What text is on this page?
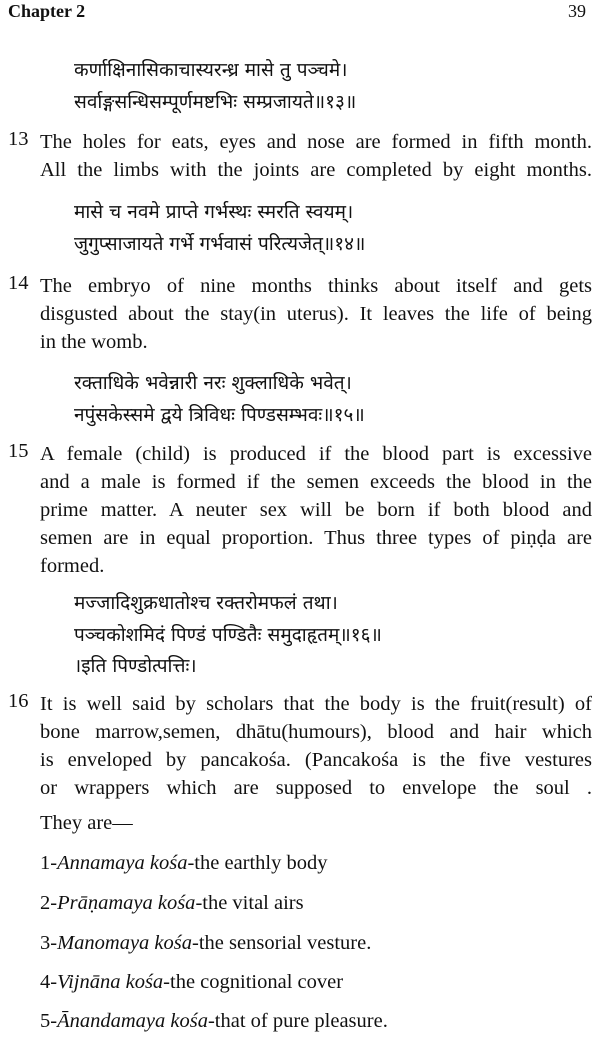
Chapter 2	39
कर्णाक्षिनासिकाचास्यरन्ध्र मासे तु पञ्चमे।
सर्वाङ्गसन्धिसम्पूर्णमष्टभिः सम्प्रजायते॥१३॥
13 The holes for eats, eyes and nose are formed in fifth month.
All the limbs with the joints are completed by eight months.
मासे च नवमे प्राप्ते गर्भस्थः स्मरति स्वयम्।
जुगुप्साजायते गर्भे गर्भवासं परित्यजेत्॥१४॥
14 The embryo of nine months thinks about itself and gets
disgusted about the stay(in uterus). It leaves the life of being
in the womb.
रक्ताधिके भवेन्नारी नरः शुक्लाधिके भवेत्।
नपुंसकेस्समे द्वये त्रिविधः पिण्डसम्भवः॥१५॥
15 A female (child) is produced if the blood part is excessive
and a male is formed if the semen exceeds the blood in the
prime matter. A neuter sex will be born if both blood and
semen are in equal proportion. Thus three types of piṇḍa are
formed.
मज्जादिशुक्रधातोश्च रक्तरोमफलं तथा।
पञ्चकोशमिदं पिण्डं पण्डितैः समुदाहृतम्॥१६॥
।इति पिण्डोत्पत्तिः।
16 It is well said by scholars that the body is the fruit(result) of
bone marrow,semen, dhātu(humours), blood and hair which
is enveloped by pancakośa. (Pancakośa is the five vestures
or wrappers which are supposed to envelope the soul .
They are—
1-Annamaya kośa-the earthly body
2-Prāṇamaya kośa-the vital airs
3-Manomaya kośa-the sensorial vesture.
4-Vijnāna kośa-the cognitional cover
5-Ānandamaya kośa-that of pure pleasure.
